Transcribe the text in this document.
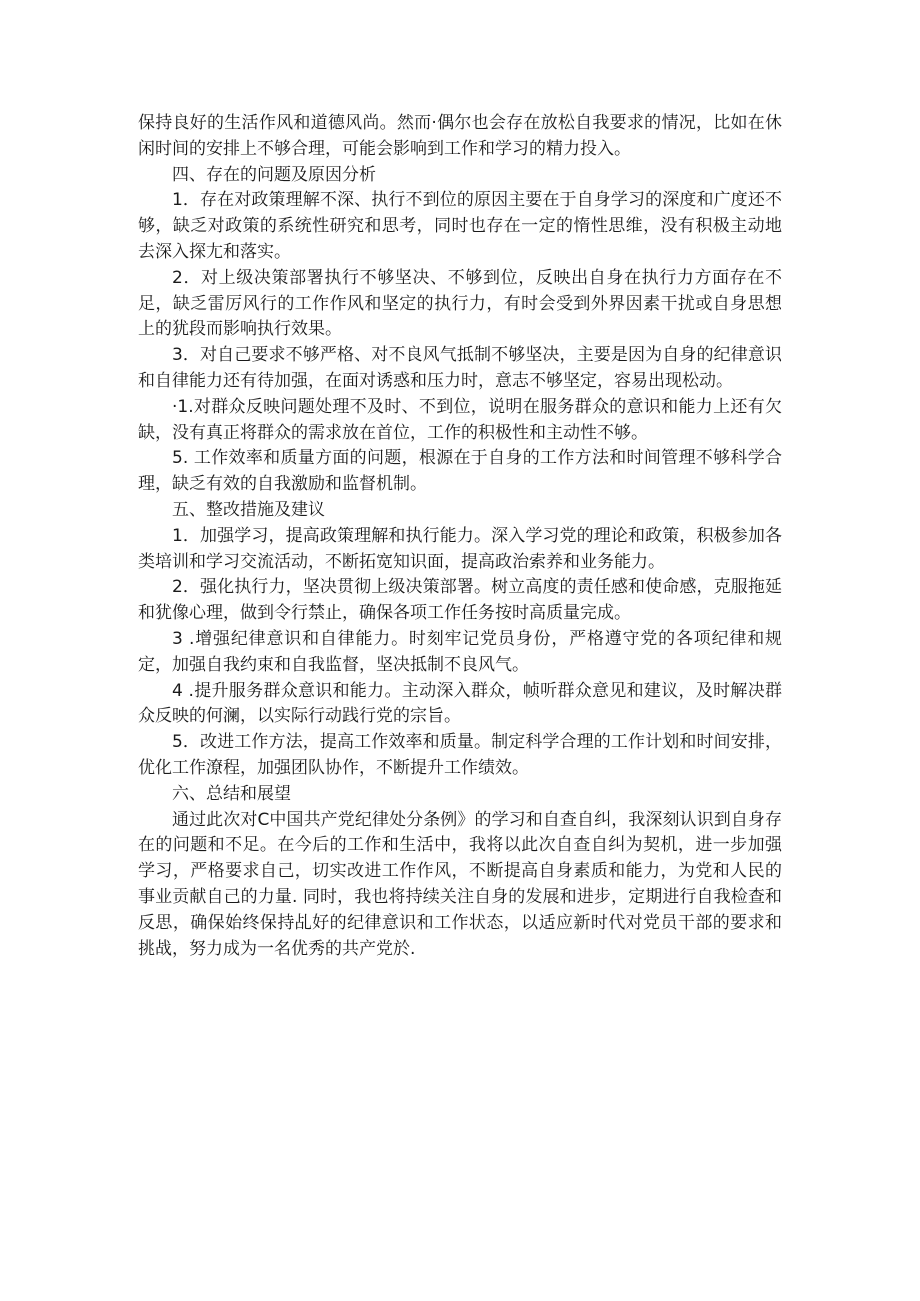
保持良好的生活作风和道德风尚。然而·偶尔也会存在放松自我要求的情况，比如在休闲时间的安排上不够合理，可能会影响到工作和学习的精力投入。

四、存在的问题及原因分析

1．存在对政策理解不深、执行不到位的原因主要在于自身学习的深度和广度还不够，缺乏对政策的系统性研究和思考，同时也存在一定的惰性思维，没有积极主动地去深入探尢和落实。

2．对上级决策部署执行不够坚决、不够到位，反映出自身在执行力方面存在不足，缺乏雷厉风行的工作作风和坚定的执行力，有时会受到外界因素干扰或自身思想上的犹段而影响执行效果。

3．对自己要求不够严格、对不良风气抵制不够坚决，主要是因为自身的纪律意识和自律能力还有待加强，在面对诱惑和压力时，意志不够坚定，容易出现松动。

·1.对群众反映问题处理不及时、不到位，说明在服务群众的意识和能力上还有欠缺，没有真正将群众的需求放在首位，工作的积极性和主动性不够。

5. 工作效率和质量方面的问题，根源在于自身的工作方法和时间管理不够科学合理，缺乏有效的自我激励和监督机制。

五、整改措施及建议

1．加强学习，提高政策理解和执行能力。深入学习党的理论和政策，积极参加各类培训和学习交流活动，不断拓宽知识面，提高政治索养和业务能力。

2．强化执行力，坚决贯彻上级决策部署。树立高度的责任感和使命感，克服拖延和犹像心理，做到令行禁止，确保各项工作任务按时高质量完成。

3 .增强纪律意识和自律能力。时刻牢记党员身份，严格遵守党的各项纪律和规定，加强自我约束和自我监督，坚决抵制不良风气。

4 .提升服务群众意识和能力。主动深入群众，帧听群众意见和建议，及时解决群众反映的何澜，以实际行动践行党的宗旨。

5．改进工作方法，提高工作效率和质量。制定科学合理的工作计划和时间安排，优化工作潦程，加强团队协作，不断提升工作绩效。

六、总结和展望

通过此次对C中国共产党纪律处分条例》的学习和自查自纠，我深刻认识到自身存在的问题和不足。在今后的工作和生活中，我将以此次自查自纠为契机，进一步加强学习，严格要求自己，切实改进工作作风，不断提高自身素质和能力，为党和人民的事业贡献自己的力量. 同时，我也将持续关注自身的发展和进步，定期进行自我检查和反思，确保始终保持乩好的纪律意识和工作状态，以适应新时代对党员干部的要求和挑战，努力成为一名优秀的共产党於.
